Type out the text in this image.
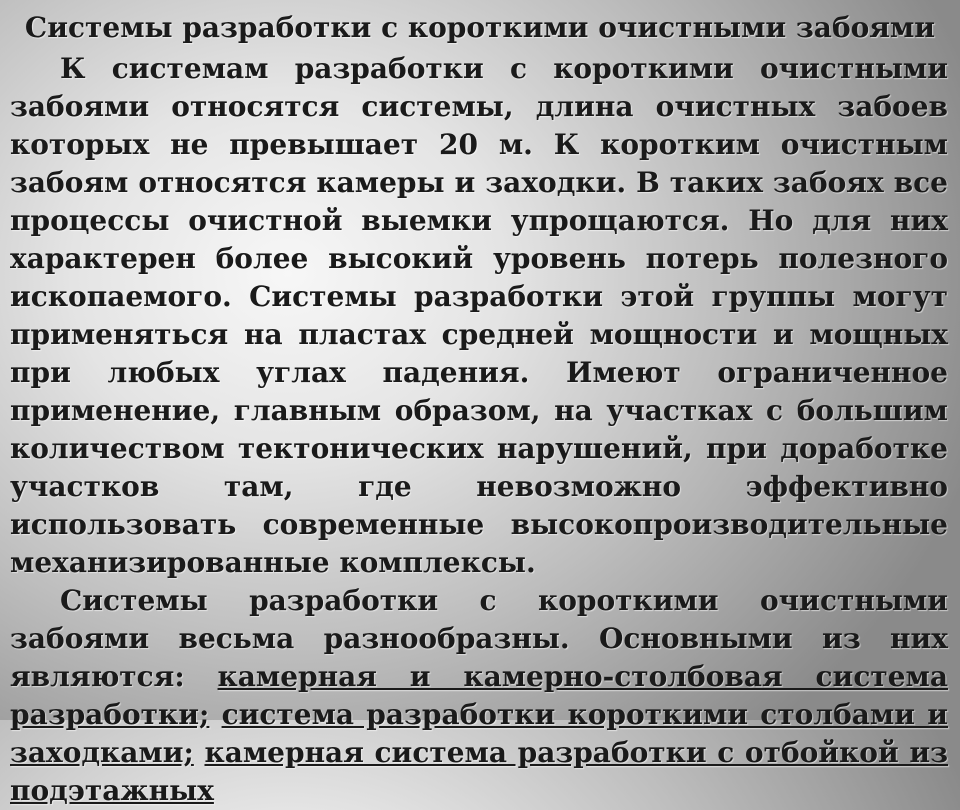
Системы разработки с короткими очистными забоями

К системам разработки с короткими очистными забоями относятся системы, длина очистных забоев которых не превышает 20 м. К коротким очистным забоям относятся камеры и заходки. В таких забоях все процессы очистной выемки упрощаются. Но для них характерен более высокий уровень потерь полезного ископаемого. Системы разработки этой группы могут применяться на пластах средней мощности и мощных при любых углах падения. Имеют ограниченное применение, главным образом, на участках с большим количеством тектонических нарушений, при доработке участков там, где невозможно эффективно использовать современные высокопроизводительные механизированные комплексы.

Системы разработки с короткими очистными забоями весьма разнообразны. Основными из них являются: камерная и камерно-столбовая система разработки; система разработки короткими столбами и заходками; камерная система разработки с отбойкой из подэтажных
